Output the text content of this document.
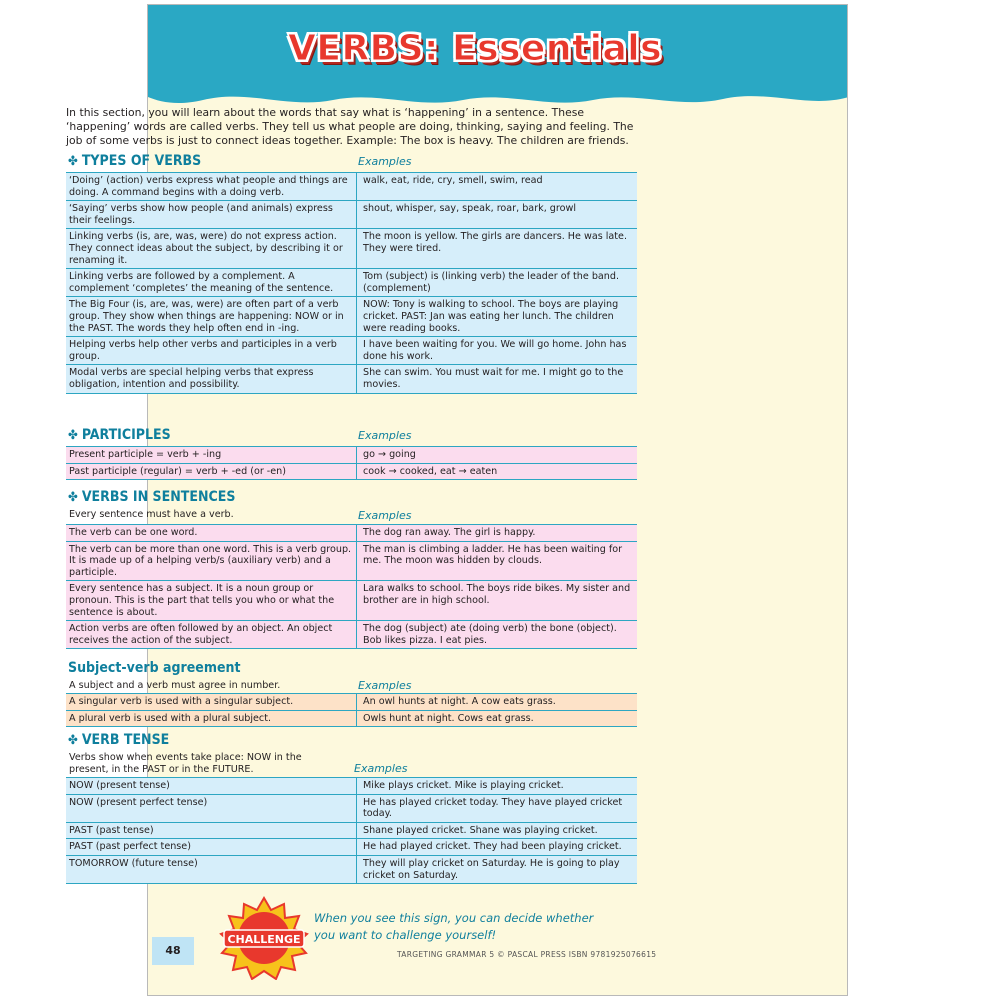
VERBS: Essentials
In this section, you will learn about the words that say what is ‘happening’ in a sentence. These ‘happening’ words are called verbs. They tell us what people are doing, thinking, saying and feeling. The job of some verbs is just to connect ideas together. Example: The box is heavy. The children are friends.
✤ TYPES OF VERBS	Examples
‘Doing’ (action) verbs express what people and things are doing. A command begins with a doing verb.	walk, eat, ride, cry, smell, swim, read
‘Saying’ verbs show how people (and animals) express their feelings.	shout, whisper, say, speak, roar, bark, growl
Linking verbs (is, are, was, were) do not express action. They connect ideas about the subject, by describing it or renaming it.	The moon is yellow. The girls are dancers. He was late. They were tired.
Linking verbs are followed by a complement. A complement ‘completes’ the meaning of the sentence.	Tom (subject) is (linking verb) the leader of the band. (complement)
The Big Four (is, are, was, were) are often part of a verb group. They show when things are happening: NOW or in the PAST. The words they help often end in -ing.	NOW: Tony is walking to school. The boys are playing cricket. PAST: Jan was eating her lunch. The children were reading books.
Helping verbs help other verbs and participles in a verb group.	I have been waiting for you. We will go home. John has done his work.
Modal verbs are special helping verbs that express obligation, intention and possibility.	She can swim. You must wait for me. I might go to the movies.
✤ PARTICIPLES	Examples
Present participle = verb + -ing	go → going
Past participle (regular) = verb + -ed (or -en)	cook → cooked, eat → eaten
✤ VERBS IN SENTENCES
Every sentence must have a verb.	Examples
The verb can be one word.	The dog ran away. The girl is happy.
The verb can be more than one word. This is a verb group. It is made up of a helping verb/s (auxiliary verb) and a participle.	The man is climbing a ladder. He has been waiting for me. The moon was hidden by clouds.
Every sentence has a subject. It is a noun group or pronoun. This is the part that tells you who or what the sentence is about.	Lara walks to school. The boys ride bikes. My sister and brother are in high school.
Action verbs are often followed by an object. An object receives the action of the subject.	The dog (subject) ate (doing verb) the bone (object). Bob likes pizza. I eat pies.
Subject-verb agreement
A subject and a verb must agree in number.	Examples
A singular verb is used with a singular subject.	An owl hunts at night. A cow eats grass.
A plural verb is used with a plural subject.	Owls hunt at night. Cows eat grass.
✤ VERB TENSE
Verbs show when events take place: NOW in the present, in the PAST or in the FUTURE.	Examples
NOW (present tense)	Mike plays cricket. Mike is playing cricket.
NOW (present perfect tense)	He has played cricket today. They have played cricket today.
PAST (past tense)	Shane played cricket. Shane was playing cricket.
PAST (past perfect tense)	He had played cricket. They had been playing cricket.
TOMORROW (future tense)	They will play cricket on Saturday. He is going to play cricket on Saturday.
CHALLENGE
When you see this sign, you can decide whether you want to challenge yourself!
48	TARGETING GRAMMAR 5 © PASCAL PRESS ISBN 9781925076615
